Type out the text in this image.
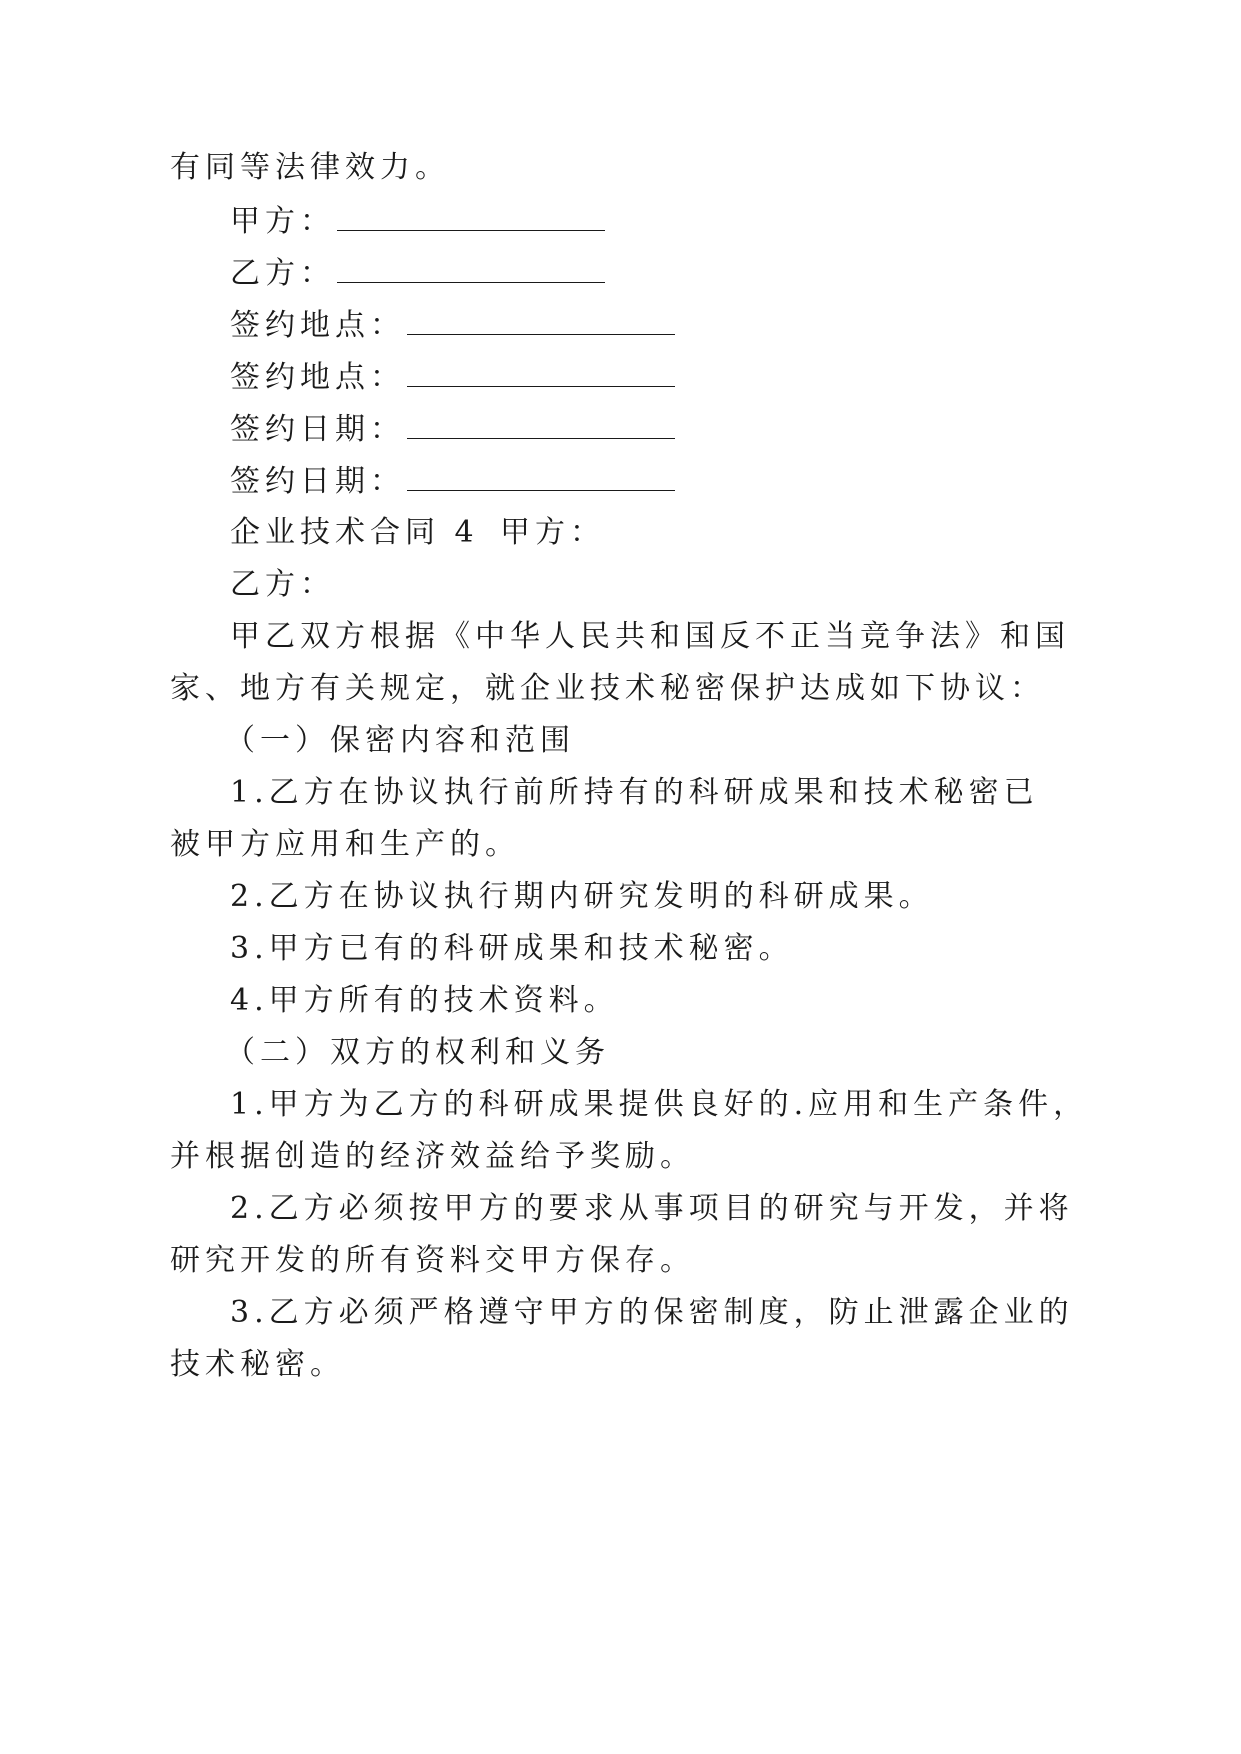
有同等法律效力。
甲方：
乙方：
签约地点：
签约地点：
签约日期：
签约日期：
企业技术合同 4 甲方：
乙方：
甲乙双方根据《中华人民共和国反不正当竞争法》和国
家、地方有关规定，就企业技术秘密保护达成如下协议：
（一）保密内容和范围
1.乙方在协议执行前所持有的科研成果和技术秘密已
被甲方应用和生产的。
2.乙方在协议执行期内研究发明的科研成果。
3.甲方已有的科研成果和技术秘密。
4.甲方所有的技术资料。
（二）双方的权利和义务
1.甲方为乙方的科研成果提供良好的.应用和生产条件，
并根据创造的经济效益给予奖励。
2.乙方必须按甲方的要求从事项目的研究与开发，并将
研究开发的所有资料交甲方保存。
3.乙方必须严格遵守甲方的保密制度，防止泄露企业的
技术秘密。
